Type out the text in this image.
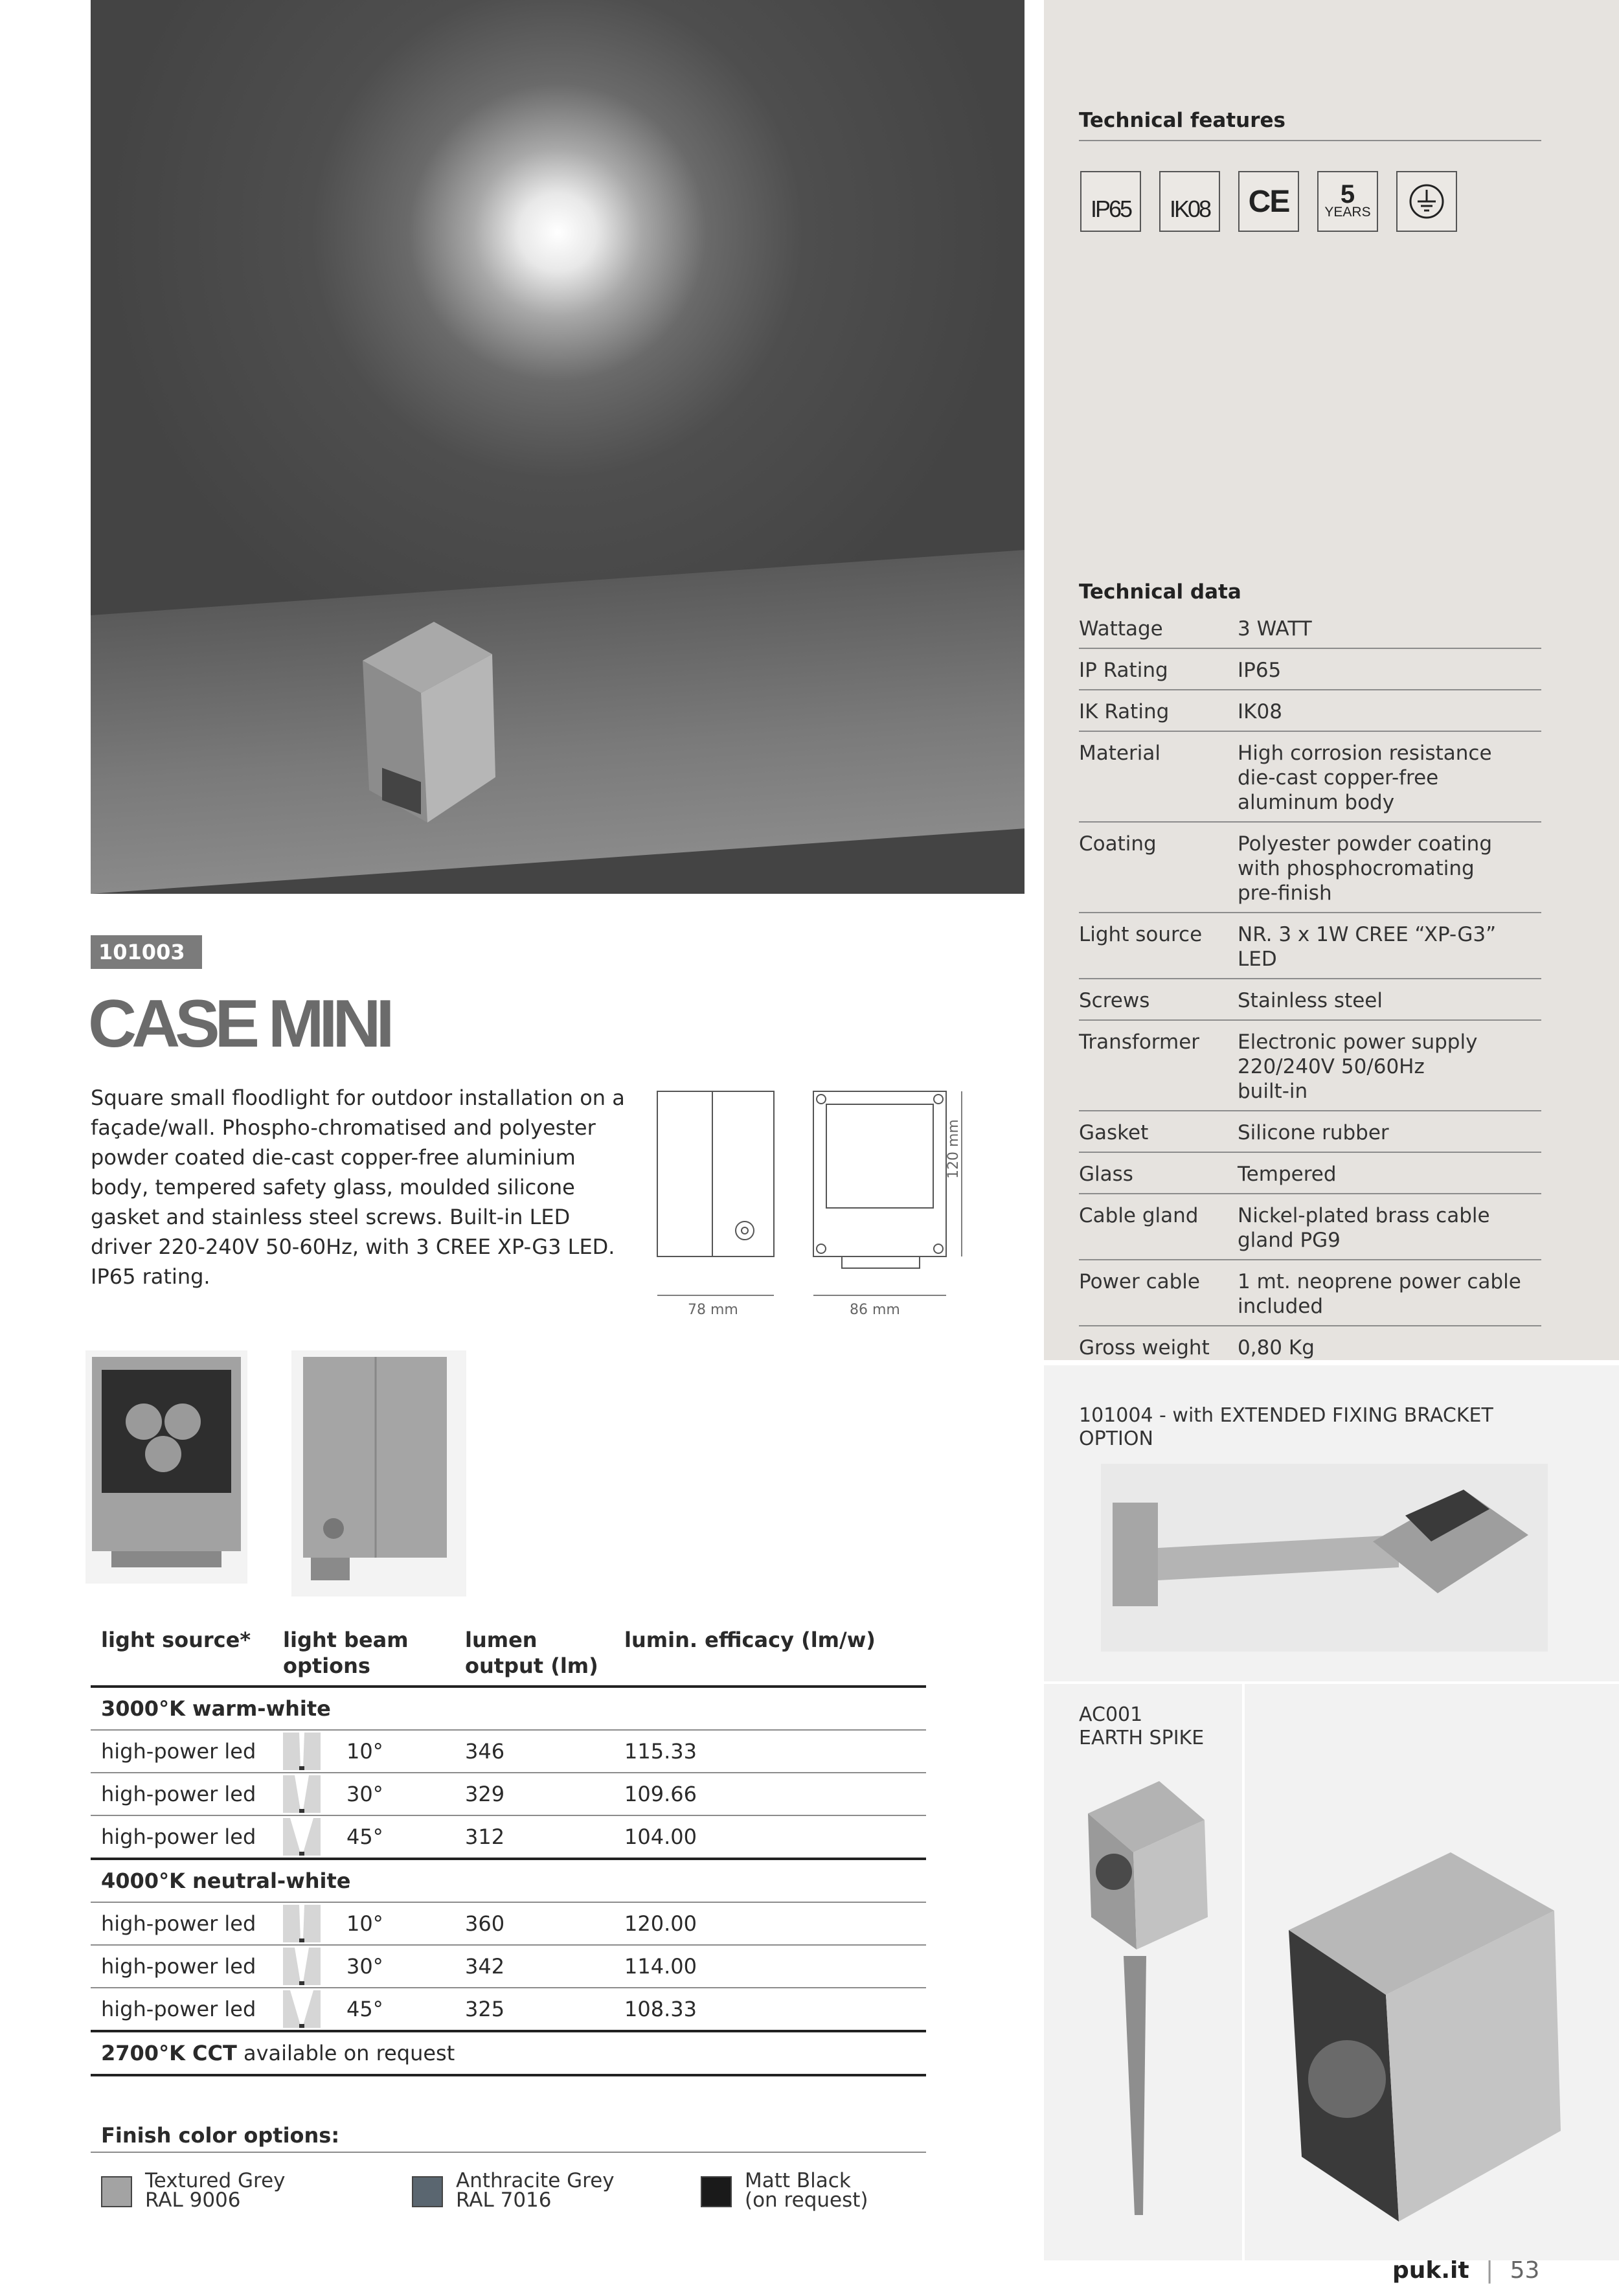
Technical features
IP65 IK08 CE 5
YEARS
Technical data
Wattage	3 WATT
IP Rating	IP65
IK Rating	IK08
Material	High corrosion resistance
die-cast copper-free
aluminum body
Coating	Polyester powder coating
with phosphocromating
pre-finish
Light source	NR. 3 x 1W CREE “XP-G3” LED
Screws	Stainless steel
Transformer	Electronic power supply
220/240V 50/60Hz
built-in
Gasket	Silicone rubber
Glass	Tempered
Cable gland	Nickel-plated brass cable
gland PG9
Power cable	1 mt. neoprene power cable
included
Gross weight	0,80 Kg
101004 - with EXTENDED FIXING BRACKET OPTION
AC001
EARTH SPIKE
101003
CASE MINI
Square small floodlight for outdoor installation on a façade/wall. Phospho-chromatised and polyester powder coated die-cast copper-free aluminium body, tempered safety glass, moulded silicone gasket and stainless steel screws. Built-in LED driver 220-240V 50-60Hz, with 3 CREE XP-G3 LED. IP65 rating.
78 mm	86 mm
120 mm
light source*	light beam options	lumen output (lm)	lumin. efficacy (lm/w)
3000°K warm-white			
high-power led	10°	346	115.33
high-power led	30°	329	109.66
high-power led	45°	312	104.00
4000°K neutral-white			
high-power led	10°	360	120.00
high-power led	30°	342	114.00
high-power led	45°	325	108.33
2700°K CCT available on request			
Finish color options:
Textured Grey
RAL 9006
Anthracite Grey
RAL 7016
Matt Black
(on request)
puk.it | 53
